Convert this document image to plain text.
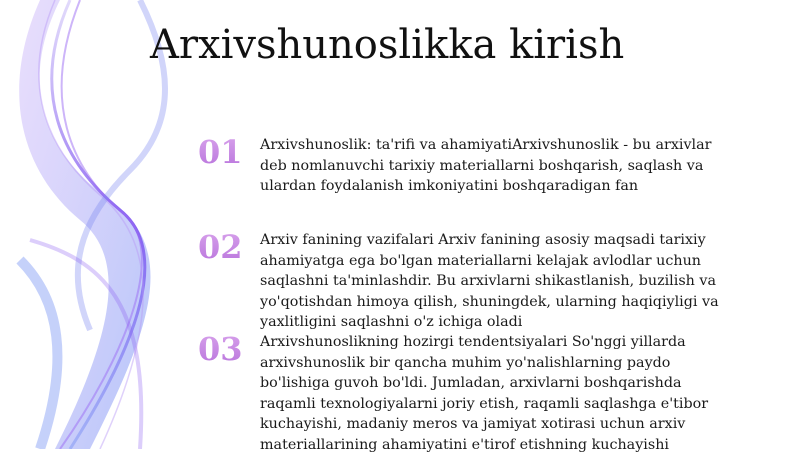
Arxivshunoslikka kirish
01 Arxivshunoslik: ta'rifi va ahamiyatiArxivshunoslik - bu arxivlar deb nomlanuvchi tarixiy materiallarni boshqarish, saqlash va ulardan foydalanish imkoniyatini boshqaradigan fan
02 Arxiv fanining vazifalari Arxiv fanining asosiy maqsadi tarixiy ahamiyatga ega bo'lgan materiallarni kelajak avlodlar uchun saqlashni ta'minlashdir. Bu arxivlarni shikastlanish, buzilish va yo'qotishdan himoya qilish, shuningdek, ularning haqiqiyligi va yaxlitligini saqlashni o'z ichiga oladi
03 Arxivshunoslikning hozirgi tendentsiyalari So'nggi yillarda arxivshunoslik bir qancha muhim yo'nalishlarning paydo bo'lishiga guvoh bo'ldi. Jumladan, arxivlarni boshqarishda raqamli texnologiyalarni joriy etish, raqamli saqlashga e'tibor kuchayishi, madaniy meros va jamiyat xotirasi uchun arxiv materiallarining ahamiyatini e'tirof etishning kuchayishi
